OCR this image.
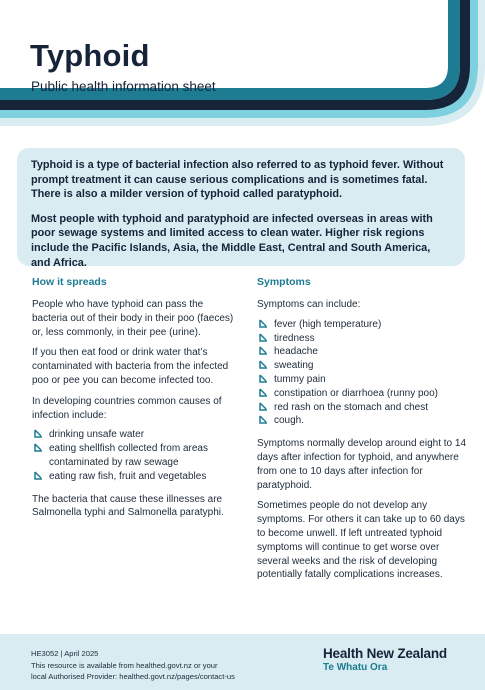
Typhoid
Public health information sheet

Typhoid is a type of bacterial infection also referred to as typhoid fever. Without prompt treatment it can cause serious complications and is sometimes fatal. There is also a milder version of typhoid called paratyphoid.

Most people with typhoid and paratyphoid are infected overseas in areas with poor sewage systems and limited access to clean water. Higher risk regions include the Pacific Islands, Asia, the Middle East, Central and South America, and Africa.

How it spreads

People who have typhoid can pass the bacteria out of their body in their poo (faeces) or, less commonly, in their pee (urine).

If you then eat food or drink water that’s contaminated with bacteria from the infected poo or pee you can become infected too.

In developing countries common causes of infection include:

drinking unsafe water
eating shellfish collected from areas contaminated by raw sewage
eating raw fish, fruit and vegetables

The bacteria that cause these illnesses are Salmonella typhi and Salmonella paratyphi.

Symptoms

Symptoms can include:

fever (high temperature)
tiredness
headache
sweating
tummy pain
constipation or diarrhoea (runny poo)
red rash on the stomach and chest
cough.

Symptoms normally develop around eight to 14 days after infection for typhoid, and anywhere from one to 10 days after infection for paratyphoid.

Sometimes people do not develop any symptoms. For others it can take up to 60 days to become unwell. If left untreated typhoid symptoms will continue to get worse over several weeks and the risk of developing potentially fatally complications increases.

HE3052 | April 2025
This resource is available from healthed.govt.nz or your
local Authorised Provider: healthed.govt.nz/pages/contact-us
Health New Zealand
Te Whatu Ora
